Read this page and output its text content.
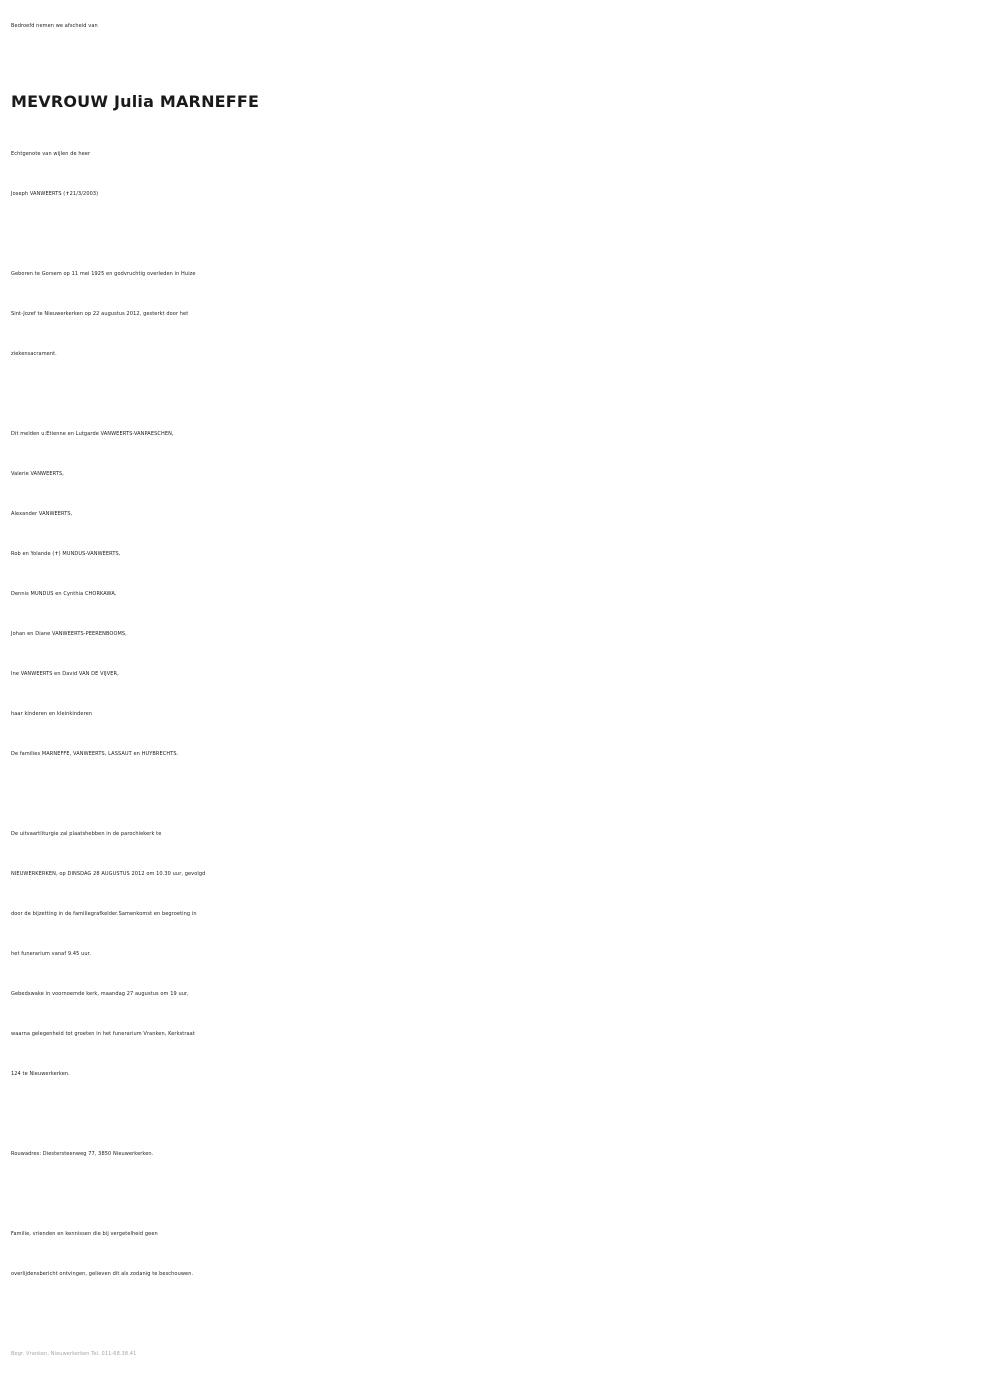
Bedroefd nemen we afscheid van
MEVROUW Julia MARNEFFE
Echtgenote van wijlen de heer
Joseph VANWEERTS (✝21/3/2003)
Geboren te Gorsem op 11 mei 1925 en godvruchtig overleden in Huize
Sint-Jozef te Nieuwerkerken op 22 augustus 2012, gesterkt door het
ziekensacrament.
Dit melden u:Etienne en Lutgarde VANWEERTS-VANPAESCHEN,
Valerie VANWEERTS,
Alexander VANWEERTS,
Rob en Yolande (✝) MUNDUS-VANWEERTS,
Dennis MUNDUS en Cynthia CHORKAWA,
Johan en Diane VANWEERTS-PEERENBOOMS,
Ine VANWEERTS en David VAN DE VIJVER,
haar kinderen en kleinkinderen
De families MARNEFFE, VANWEERTS, LASSAUT en HUYBRECHTS.
De uitvaartliturgie zal plaatshebben in de parochiekerk te
NIEUWERKERKEN, op DINSDAG 28 AUGUSTUS 2012 om 10.30 uur, gevolgd
door de bijzetting in de familiegrafkelder.Samenkomst en begroeting in
het funerarium vanaf 9.45 uur.
Gebedswake in voornoemde kerk, maandag 27 augustus om 19 uur,
waarna gelegenheid tot groeten in het funerarium Vranken, Kerkstraat
124 te Nieuwerkerken.
Rouwadres: Diestersteenweg 77, 3850 Nieuwerkerken.
Familie, vrienden en kennissen die bij vergetelheid geen
overlijdensbericht ontvingen, gelieven dit als zodanig te beschouwen.
Begr. Vranken, Nieuwerkerken Tel. 011-68.38.41
